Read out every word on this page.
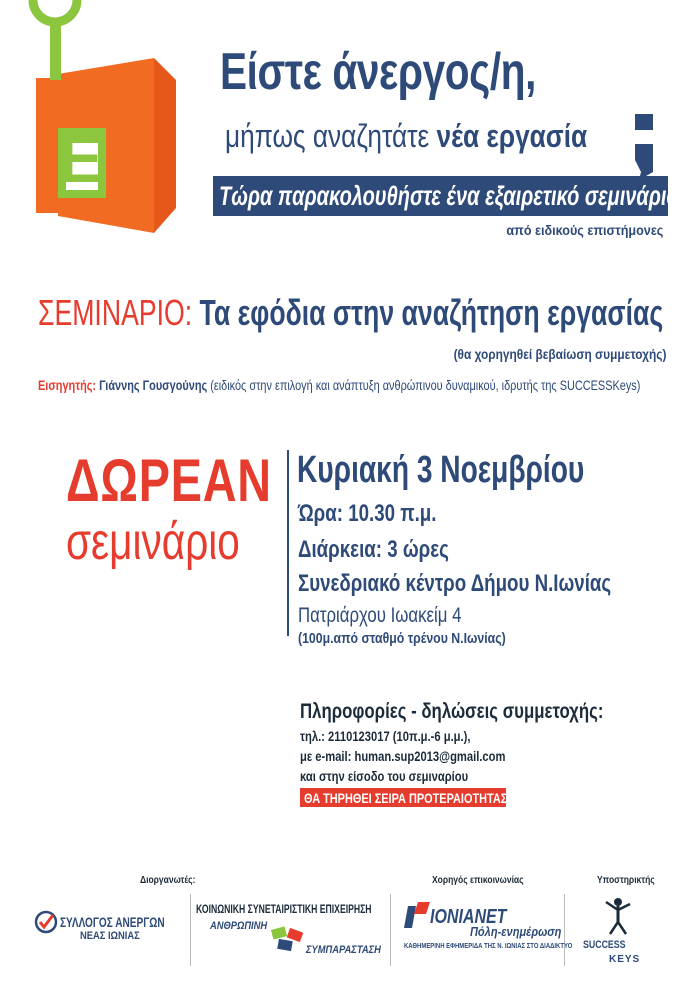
E
Είστε άνεργος/η,
μήπως αναζητάτε νέα εργασία
Τώρα παρακολουθήστε ένα εξαιρετικό σεμινάριο
από ειδικούς επιστήμονες
ΣΕΜΙΝΑΡΙΟ: Τα εφόδια στην αναζήτηση εργασίας
(θα χορηγηθεί βεβαίωση συμμετοχής)
Εισηγητής: Γιάννης Γουσγούνης (ειδικός στην επιλογή και ανάπτυξη ανθρώπινου δυναμικού, ιδρυτής της SUCCESSKeys)
ΔΩΡΕΑΝ
σεμινάριο
Κυριακή 3 Νοεμβρίου
Ώρα: 10.30 π.μ.
Διάρκεια: 3 ώρες
Συνεδριακό κέντρο Δήμου Ν.Ιωνίας
Πατριάρχου Ιωακείμ 4
(100μ.από σταθμό τρένου Ν.Ιωνίας)
Πληροφορίες - δηλώσεις συμμετοχής:
τηλ.: 2110123017 (10π.μ.-6 μ.μ.),
με e-mail: human.sup2013@gmail.com
και στην είσοδο του σεμιναρίου
ΘΑ ΤΗΡΗΘΕΙ ΣΕΙΡΑ ΠΡΟΤΕΡΑΙΟΤΗΤΑΣ
Διοργανωτές:	Χορηγός επικοινωνίας	Υποστηρικτής
ΣΥΛΛΟΓΟΣ ΑΝΕΡΓΩΝ
ΝΕΑΣ ΙΩΝΙΑΣ
ΚΟΙΝΩΝΙΚΗ ΣΥΝΕΤΑΙΡΙΣΤΙΚΗ ΕΠΙΧΕΙΡΗΣΗ
ΑΝΘΡΩΠΙΝΗ
ΣΥΜΠΑΡΑΣΤΑΣΗ
IONIANET
Πόλη-ενημέρωση
ΚΑΘΗΜΕΡΙΝΗ ΕΦΗΜΕΡΙΔΑ ΤΗΣ Ν. ΙΩΝΙΑΣ ΣΤΟ ΔΙΑΔΙΚΤΥΟ SUCCESS
KEYS
